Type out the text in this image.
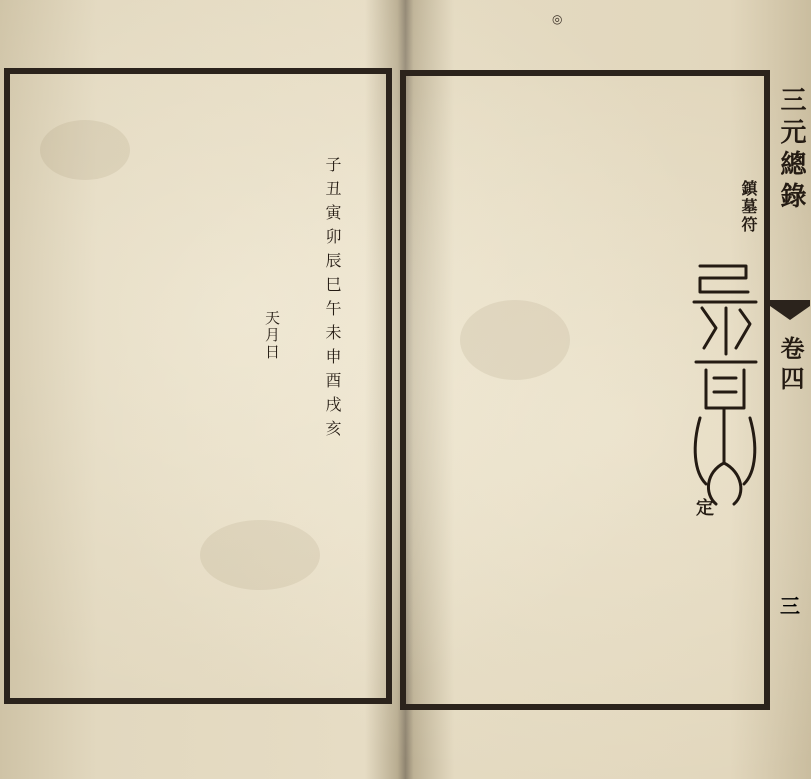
子丑寅卯辰巳午未申酉戌亥
天月日
◎
鎮墓符
定
三元總錄
卷四
三
